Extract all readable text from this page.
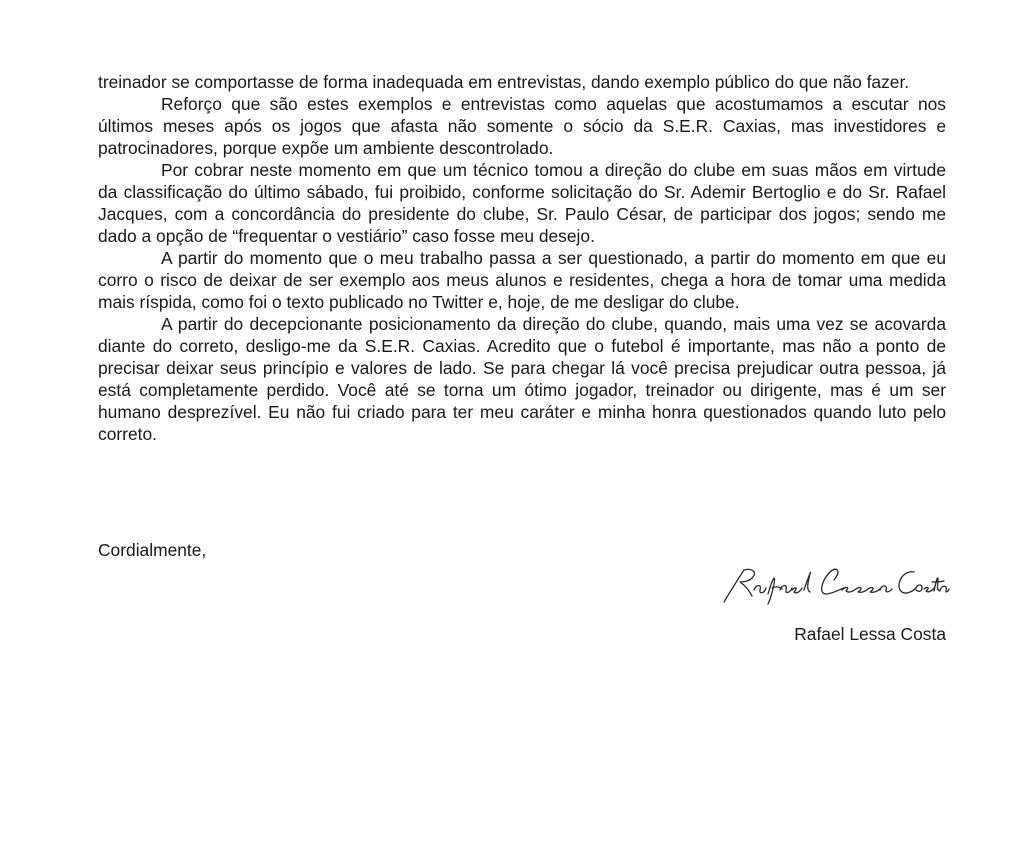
treinador se comportasse de forma inadequada em entrevistas, dando exemplo público do que não fazer.

Reforço que são estes exemplos e entrevistas como aquelas que acostumamos a escutar nos últimos meses após os jogos que afasta não somente o sócio da S.E.R. Caxias, mas investidores e patrocinadores, porque expõe um ambiente descontrolado.

Por cobrar neste momento em que um técnico tomou a direção do clube em suas mãos em virtude da classificação do último sábado, fui proibido, conforme solicitação do Sr. Ademir Bertoglio e do Sr. Rafael Jacques, com a concordância do presidente do clube, Sr. Paulo César, de participar dos jogos; sendo me dado a opção de “frequentar o vestiário” caso fosse meu desejo.

A partir do momento que o meu trabalho passa a ser questionado, a partir do momento em que eu corro o risco de deixar de ser exemplo aos meus alunos e residentes, chega a hora de tomar uma medida mais ríspida, como foi o texto publicado no Twitter e, hoje, de me desligar do clube.

A partir do decepcionante posicionamento da direção do clube, quando, mais uma vez se acovarda diante do correto, desligo-me da S.E.R. Caxias. Acredito que o futebol é importante, mas não a ponto de precisar deixar seus princípio e valores de lado. Se para chegar lá você precisa prejudicar outra pessoa, já está completamente perdido. Você até se torna um ótimo jogador, treinador ou dirigente, mas é um ser humano desprezível. Eu não fui criado para ter meu caráter e minha honra questionados quando luto pelo correto.

Cordialmente,
Rafael Lessa Costa
